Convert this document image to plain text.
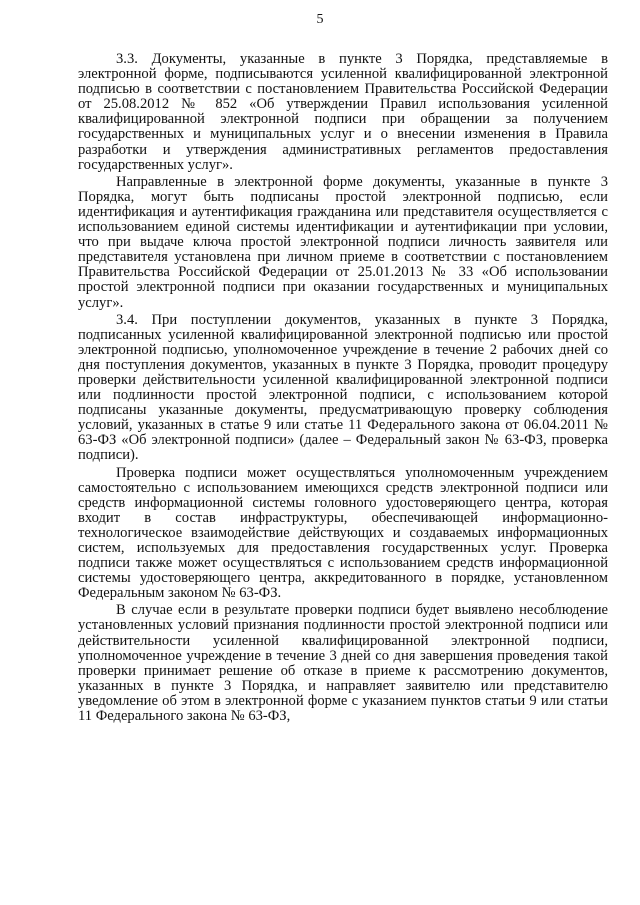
5

3.3. Документы, указанные в пункте 3 Порядка, представляемые в электронной форме, подписываются усиленной квалифицированной электронной подписью в соответствии с постановлением Правительства Российской Федерации от 25.08.2012 № 852 «Об утверждении Правил использования усиленной квалифицированной электронной подписи при обращении за получением государственных и муниципальных услуг и о внесении изменения в Правила разработки и утверждения административных регламентов предоставления государственных услуг».

Направленные в электронной форме документы, указанные в пункте 3 Порядка, могут быть подписаны простой электронной подписью, если идентификация и аутентификация гражданина или представителя осуществляется с использованием единой системы идентификации и аутентификации при условии, что при выдаче ключа простой электронной подписи личность заявителя или представителя установлена при личном приеме в соответствии с постановлением Правительства Российской Федерации от 25.01.2013 № 33 «Об использовании простой электронной подписи при оказании государственных и муниципальных услуг».

3.4. При поступлении документов, указанных в пункте 3 Порядка, подписанных усиленной квалифицированной электронной подписью или простой электронной подписью, уполномоченное учреждение в течение 2 рабочих дней со дня поступления документов, указанных в пункте 3 Порядка, проводит процедуру проверки действительности усиленной квалифицированной электронной подписи или подлинности простой электронной подписи, с использованием которой подписаны указанные документы, предусматривающую проверку соблюдения условий, указанных в статье 9 или статье 11 Федерального закона от 06.04.2011 № 63-ФЗ «Об электронной подписи» (далее – Федеральный закон № 63-ФЗ, проверка подписи).

Проверка подписи может осуществляться уполномоченным учреждением самостоятельно с использованием имеющихся средств электронной подписи или средств информационной системы головного удостоверяющего центра, которая входит в состав инфраструктуры, обеспечивающей информационно-технологическое взаимодействие действующих и создаваемых информационных систем, используемых для предоставления государственных услуг. Проверка подписи также может осуществляться с использованием средств информационной системы удостоверяющего центра, аккредитованного в порядке, установленном Федеральным законом № 63-ФЗ.

В случае если в результате проверки подписи будет выявлено несоблюдение установленных условий признания подлинности простой электронной подписи или действительности усиленной квалифицированной электронной подписи, уполномоченное учреждение в течение 3 дней со дня завершения проведения такой проверки принимает решение об отказе в приеме к рассмотрению документов, указанных в пункте 3 Порядка, и направляет заявителю или представителю уведомление об этом в электронной форме с указанием пунктов статьи 9 или статьи 11 Федерального закона № 63-ФЗ,
